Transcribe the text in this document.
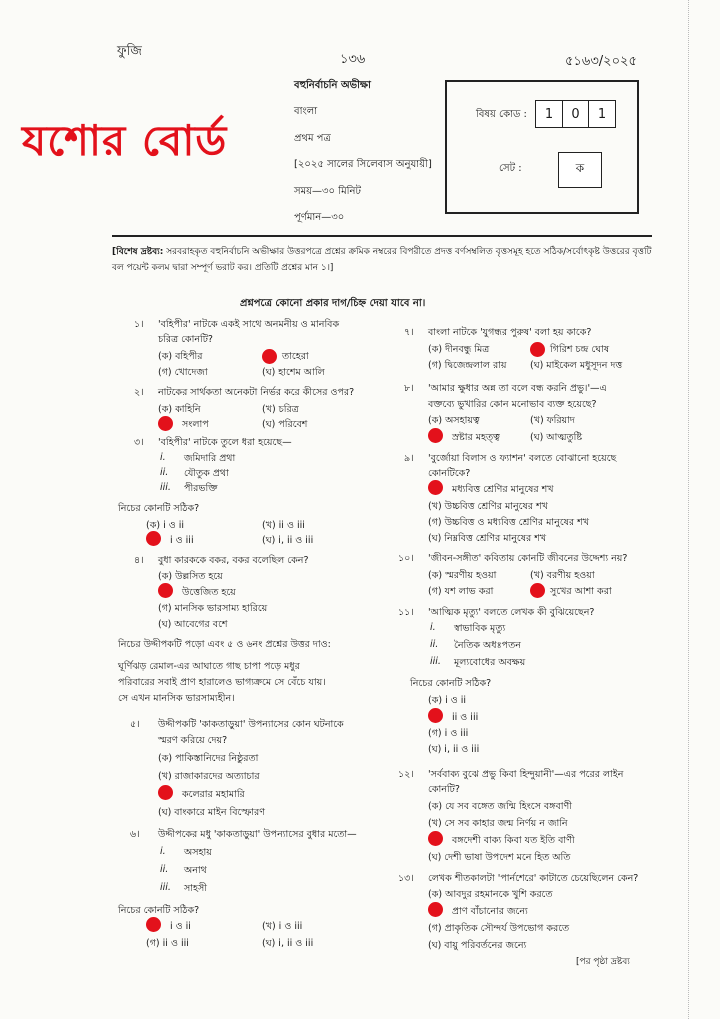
ফুজি
১৩৬	৫১৬৩/২০২৫
যশোর বোর্ড
বহুনির্বাচনি অভীক্ষা
বাংলা
প্রথম পত্র
[২০২৫ সালের সিলেবাস অনুযায়ী]
সময়—৩০ মিনিট
পূর্ণমান—৩০
বিষয় কোড :	1	0	1
সেট :	ক
[বিশেষ দ্রষ্টব্য: সরবরাহকৃত বহুনির্বাচনি অভীক্ষার উত্তরপত্রে প্রশ্নের ক্রমিক নম্বরের বিপরীতে প্রদত্ত বর্ণসম্বলিত বৃত্তসমূহ হতে সঠিক/সর্বোৎকৃষ্ট উত্তরের বৃত্তটি বল পয়েন্ট কলম দ্বারা সম্পূর্ণ ভরাট কর। প্রতিটি প্রশ্নের মান ১।]
প্রশ্নপত্রে কোনো প্রকার দাগ/চিহ্ন দেয়া যাবে না।
১। 'বহিপীর' নাটকে একই সাথে অনমনীয় ও মানবিক
চরিত্র কোনটি?
(ক) বহিপীর	তাহেরা
(গ) খোদেজা	(ঘ) হাশেম আলি
২। নাটকের সার্থকতা অনেকটা নির্ভর করে কীসের ওপর?
(ক) কাহিনি	(খ) চরিত্র
সংলাপ	(ঘ) পরিবেশ
৩। 'বহিপীর' নাটকে তুলে ধরা হয়েছে—
i. জমিদারি প্রথা
ii. যৌতুক প্রথা
iii. পীরভক্তি
নিচের কোনটি সঠিক?
(ক) i ও ii	(খ) ii ও iii
i ও iii	(ঘ) i, ii ও iii
৪। বুধা কারককে বকর, বকর বলেছিল কেন?
(ক) উল্লসিত হয়ে
উত্তেজিত হয়ে
(গ) মানসিক ভারসাম্য হারিয়ে
(ঘ) আবেগের বশে
নিচের উদ্দীপকটি পড়ো এবং ৫ ও ৬নং প্রশ্নের উত্তর দাও:
ঘূর্ণিঝড় রেমাল-এর আঘাতে গাছ চাপা পড়ে মধুর
পরিবারের সবাই প্রাণ হারালেও ভাগ্যক্রমে সে বেঁচে যায়।
সে এখন মানসিক ভারসাম্যহীন।
৫। উদ্দীপকটি 'কাকতাড়ুয়া' উপন্যাসের কোন ঘটনাকে
স্মরণ করিয়ে দেয়?
(ক) পাকিস্তানিদের নিষ্ঠুরতা
(খ) রাজাকারদের অত্যাচার
কলেরার মহামারি
(ঘ) বাংকারে মাইন বিস্ফোরণ
৬। উদ্দীপকের মধু 'কাকতাড়ুয়া' উপন্যাসের বুধার মতো—
i. অসহায়
ii. অনাথ
iii. সাহসী
নিচের কোনটি সঠিক?
i ও ii	(খ) i ও iii
(গ) ii ও iii	(ঘ) i, ii ও iii
৭। বাংলা নাটকে 'যুগন্ধর পুরুষ' বলা হয় কাকে?
(ক) দীনবন্ধু মিত্র	গিরিশ চন্দ্র ঘোষ
(গ) দ্বিজেন্দ্রলাল রায় (ঘ) মাইকেল মধুসূদন দত্ত
৮। 'আমার ক্ষুধার অন্ন তা বলে বন্ধ করনি প্রভু।'—এ
বক্তব্যে ভুখারির কোন মনোভাব ব্যক্ত হয়েছে?
(ক) অসহায়ত্ব	(খ) ফরিয়াদ
স্রষ্টার মহত্ত্ব	(ঘ) আত্মতুষ্টি
৯। 'বুর্জোয়া বিলাস ও ফ্যাশন' বলতে বোঝানো হয়েছে
কোনটিকে?
মধ্যবিত্ত শ্রেণির মানুষের শখ
(খ) উচ্চবিত্ত শ্রেণির মানুষের শখ
(গ) উচ্চবিত্ত ও মধ্যবিত্ত শ্রেণির মানুষের শখ
(ঘ) নিম্নবিত্ত শ্রেণির মানুষের শখ
১০। 'জীবন-সঙ্গীত' কবিতায় কোনটি জীবনের উদ্দেশ্য নয়?
(ক) স্মরণীয় হওয়া	(খ) বরণীয় হওয়া
(গ) যশ লাভ করা	সুখের আশা করা
১১। 'আত্মিক মৃত্যু' বলতে লেখক কী বুঝিয়েছেন?
i. স্বাভাবিক মৃত্যু
ii. নৈতিক অধঃপতন
iii. মূল্যবোধের অবক্ষয়
নিচের কোনটি সঠিক?
(ক) i ও ii
ii ও iii
(গ) i ও iii
(ঘ) i, ii ও iii
১২। 'সর্ববাক্য বুঝে প্রভু কিবা হিন্দুয়ানী'—এর পরের লাইন
কোনটি?
(ক) যে সব বঙ্গেত জন্মি হিংসে বঙ্গবাণী
(খ) সে সব কাহার জন্ম নির্ণয় ন জানি
বঙ্গদেশী বাক্য কিবা যত ইতি বাণী
(ঘ) দেশী ভাষা উপদেশ মনে হিত অতি
১৩। লেখক শীতকালটা 'পার্নশেরে' কাটাতে চেয়েছিলেন কেন?
(ক) আবদুর রহমানকে খুশি করতে
প্রাণ বাঁচানোর জন্যে
(গ) প্রাকৃতিক সৌন্দর্য উপভোগ করতে
(ঘ) বায়ু পরিবর্তনের জন্যে
[পর পৃষ্ঠা দ্রষ্টব্য
